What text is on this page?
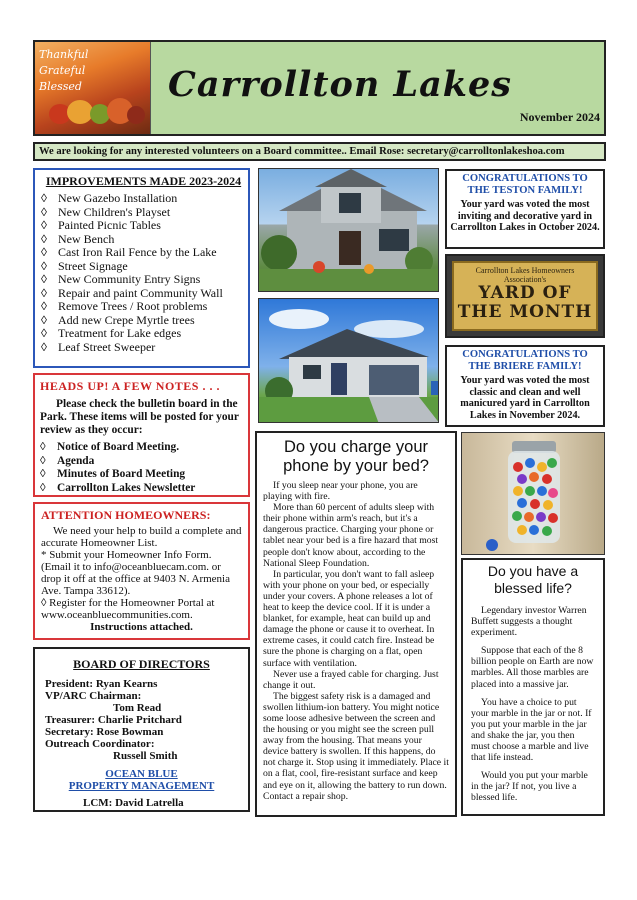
Thankful
Grateful
Blessed Carrollton Lakes
November 2024
We are looking for any interested volunteers on a Board committee.. Email Rose: secretary@carrolltonlakeshoa.com
IMPROVEMENTS MADE 2023-2024
◊ New Gazebo Installation
◊ New Children's Playset
◊ Painted Picnic Tables
◊ New Bench
◊ Cast Iron Rail Fence by the Lake
◊ Street Signage
◊ New Community Entry Signs
◊ Repair and paint Community Wall
◊ Remove Trees / Root problems
◊ Add new Crepe Myrtle trees
◊ Treatment for Lake edges
◊ Leaf Street Sweeper
HEADS UP! A FEW NOTES . . .

Please check the bulletin board in the Park. These items will be posted for your review as they occur:

◊ Notice of Board Meeting.
◊ Agenda
◊ Minutes of Board Meeting
◊ Carrollton Lakes Newsletter
ATTENTION HOMEOWNERS:

We need your help to build a complete and accurate Homeowner List.

* Submit your Homeowner Info Form. (Email it to info@oceanbluecam.com. or drop it off at the office at 9403 N. Armenia Ave. Tampa 33612).

◊ Register for the Homeowner Portal at www.oceanbluecommunities.com.

Instructions attached.

BOARD OF DIRECTORS
President: Ryan Kearns
VP/ARC Chairman:
Tom Read
Treasurer: Charlie Pritchard
Secretary: Rose Bowman
Outreach Coordinator:
Russell Smith
OCEAN BLUE
PROPERTY MANAGEMENT
LCM: David Latrella
Carrollton Lakes Homeowners Association's
YARD OF
THE MONTH
CONGRATULATIONS TO THE TESTON FAMILY!
Your yard was voted the most inviting and decorative yard in Carrollton Lakes in October 2024.
CONGRATULATIONS TO THE BRIERE FAMILY!
Your yard was voted the most classic and clean and well manicured yard in Carrollton Lakes in November 2024.
Do you charge your phone by your bed?

If you sleep near your phone, you are playing with fire.

More than 60 percent of adults sleep with their phone within arm's reach, but it's a dangerous practice. Charging your phone or tablet near your bed is a fire hazard that most people don't know about, according to the National Sleep Foundation.

In particular, you don't want to fall asleep with your phone on your bed, or especially under your covers. A phone releases a lot of heat to keep the device cool. If it is under a blanket, for example, heat can build up and damage the phone or cause it to overheat. In extreme cases, it could catch fire. Instead be sure the phone is charging on a flat, open surface with ventilation.

Never use a frayed cable for charging. Just change it out.

The biggest safety risk is a damaged and swollen lithium-ion battery. You might notice some loose adhesive between the screen and the housing or you might see the screen pull away from the housing. That means your device battery is swollen. If this happens, do not charge it. Stop using it immediately. Place it on a flat, cool, fire-resistant surface and keep and eye on it, allowing the battery to run down. Contact a repair shop.

Do you have a blessed life?

Legendary investor Warren Buffett suggests a thought experiment.

Suppose that each of the 8 billion people on Earth are now marbles. All those marbles are placed into a massive jar.

You have a choice to put your marble in the jar or not. If you put your marble in the jar and shake the jar, you then must choose a marble and live that life instead.

Would you put your marble in the jar? If not, you live a blessed life.
